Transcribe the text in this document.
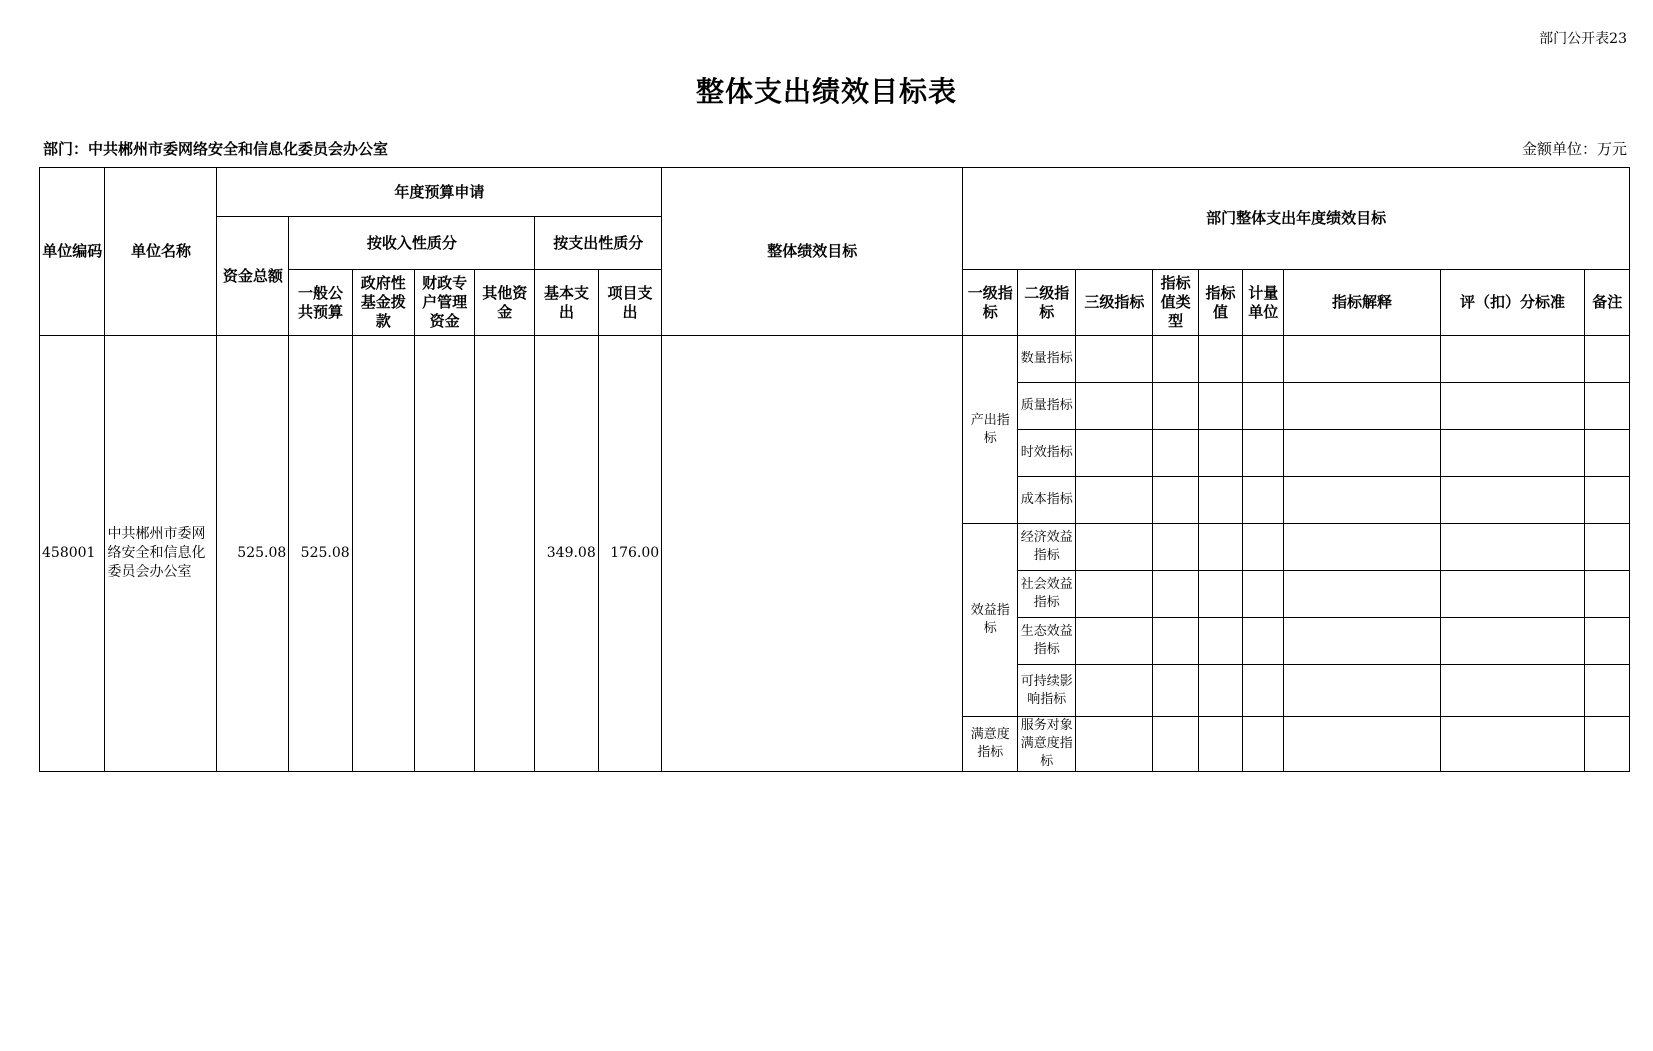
部门公开表23
整体支出绩效目标表
部门：中共郴州市委网络安全和信息化委员会办公室	金额单位：万元
单位编码	单位名称	年度预算申请							整体绩效目标	部门整体支出年度绩效目标								
		资金总额	按收入性质分				按支出性质分											
			一般公共预算	政府性基金拨款	财政专户管理资金	其他资金	基本支出	项目支出		一级指标	二级指标	三级指标	指标值类型	指标值	计量单位	指标解释	评（扣）分标准	备注
458001	中共郴州市委网络安全和信息化委员会办公室	525.08	525.08				349.08	176.00		产出指标	数量指标							
											质量指标							
											时效指标							
											成本指标							
										效益指标	经济效益指标							
											社会效益指标							
											生态效益指标							
											可持续影响指标							
										满意度指标	服务对象满意度指标							
